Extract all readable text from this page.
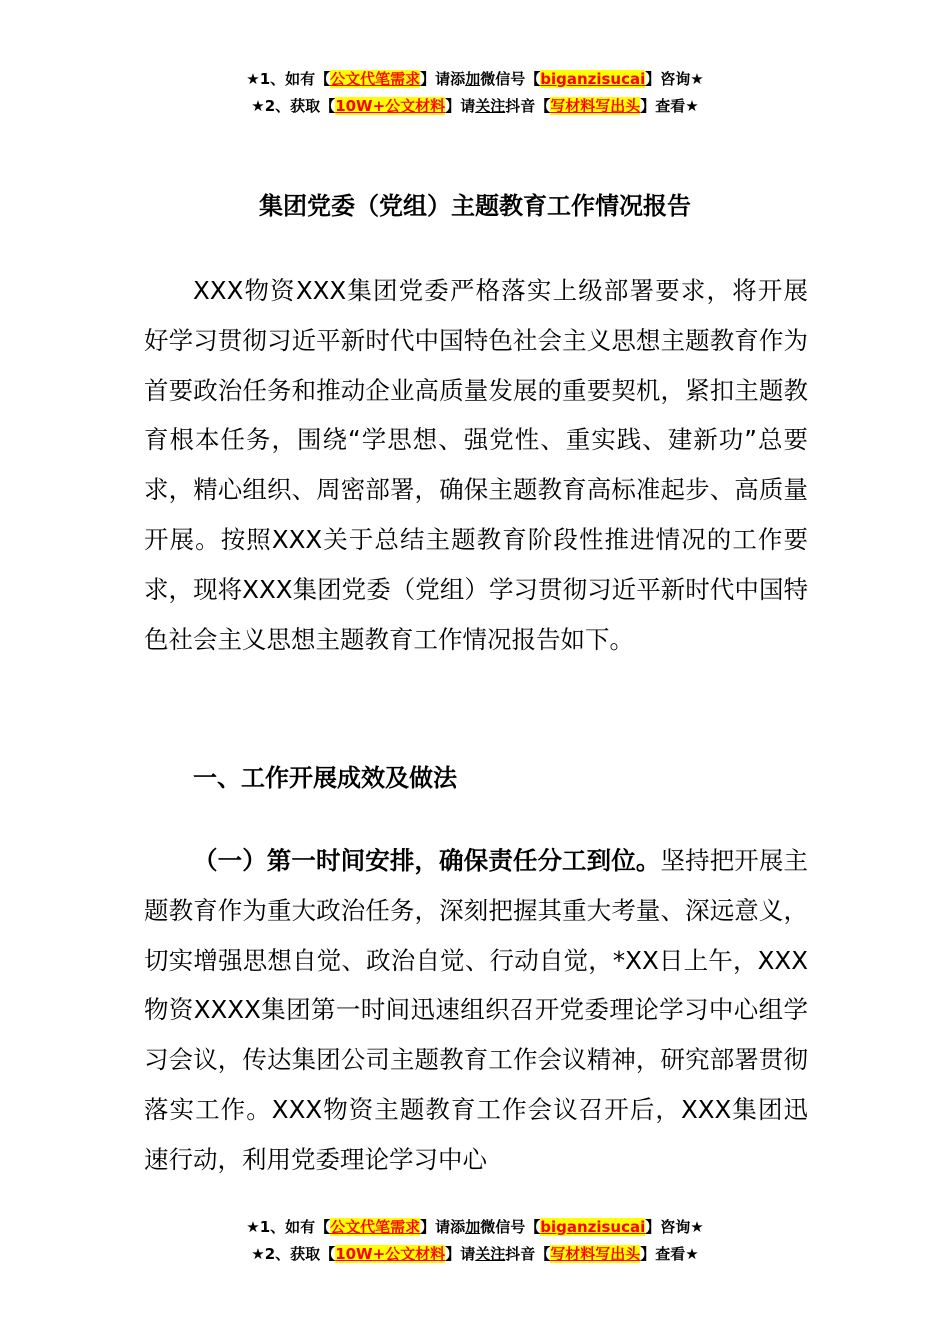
★1、如有【公文代笔需求】请添加微信号【biganzisucai】咨询★
★2、获取【10W+公文材料】请关注抖音【写材料写出头】查看★
集团党委（党组）主题教育工作情况报告

XXX物资XXX集团党委严格落实上级部署要求，将开展好学习贯彻习近平新时代中国特色社会主义思想主题教育作为首要政治任务和推动企业高质量发展的重要契机，紧扣主题教育根本任务，围绕“学思想、强党性、重实践、建新功”总要求，精心组织、周密部署，确保主题教育高标准起步、高质量开展。按照XXX关于总结主题教育阶段性推进情况的工作要求，现将XXX集团党委（党组）学习贯彻习近平新时代中国特色社会主义思想主题教育工作情况报告如下。

一、工作开展成效及做法

（一）第一时间安排，确保责任分工到位。坚持把开展主题教育作为重大政治任务，深刻把握其重大考量、深远意义，切实增强思想自觉、政治自觉、行动自觉，*XX日上午，XXX物资XXXX集团第一时间迅速组织召开党委理论学习中心组学习会议，传达集团公司主题教育工作会议精神，研究部署贯彻落实工作。XXX物资主题教育工作会议召开后，XXX集团迅速行动，利用党委理论学习中心

★1、如有【公文代笔需求】请添加微信号【biganzisucai】咨询★
★2、获取【10W+公文材料】请关注抖音【写材料写出头】查看★
